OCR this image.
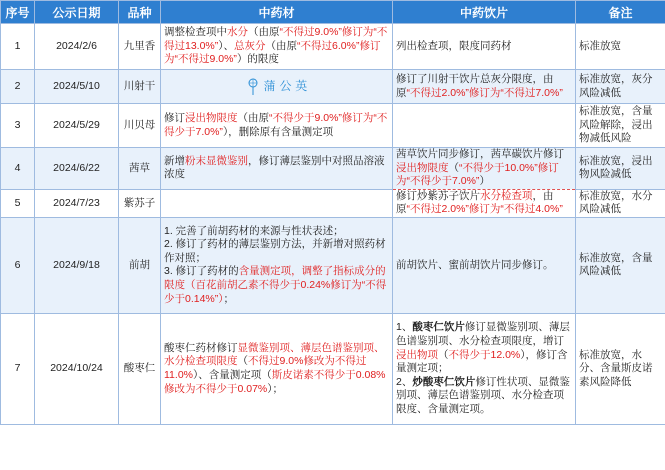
序号	公示日期	品种	中药材	中药饮片	备注
1	2024/2/6	九里香	调整检查项中水分（由原“不得过9.0%”修订为“不得过13.0%”）、总灰分（由原“不得过6.0%”修订为“不得过9.0%”）的限度	列出检查项，限度同药材	标准放宽
2	2024/5/10	川射干	蒲 公 英	修订了川射干饮片总灰分限度，由原“不得过2.0%”修订为“不得过7.0%”	标准放宽，灰分风险减低
3	2024/5/29	川贝母	修订浸出物限度（由原“不得少于9.0%”修订为“不得少于7.0%”），删除原有含量测定项		标准放宽，含量风险解除，浸出物减低风险
4	2024/6/22	茜草	新增粉末显微鉴别，修订薄层鉴别中对照品溶液浓度	茜草饮片同步修订，茜草碳饮片修订浸出物限度（“不得少于10.0%”修订为“不得少于7.0%”）	标准放宽，浸出物风险减低
5	2024/7/23	紫苏子		修订炒紫苏子饮片水分检查项，由原“不得过2.0%”修订为“不得过4.0%”	标准放宽，水分风险减低
6	2024/9/18	前胡	1. 完善了前胡药材的来源与性状表述；
2. 修订了药材的薄层鉴别方法，并新增对照药材作对照；
3. 修订了药材的含量测定项，调整了指标成分的限度（百花前胡乙素不得少于0.24%修订为“不得少于0.14%”）；	前胡饮片、蜜前胡饮片同步修订。	标准放宽，含量风险减低
7	2024/10/24	酸枣仁	酸枣仁药材修订显微鉴别项、薄层色谱鉴别项、水分检查项限度（不得过9.0%修改为不得过11.0%）、含量测定项（斯皮诺素不得少于0.08%修改为不得少于0.07%）；	1、酸枣仁饮片修订显微鉴别项、薄层色谱鉴别项、水分检查项限度，增订浸出物项（不得少于12.0%），修订含量测定项；
2、炒酸枣仁饮片修订性状项、显微鉴别项、薄层色谱鉴别项、水分检查项限度、含量测定项。	标准放宽，水分、含量斯皮诺素风险降低
